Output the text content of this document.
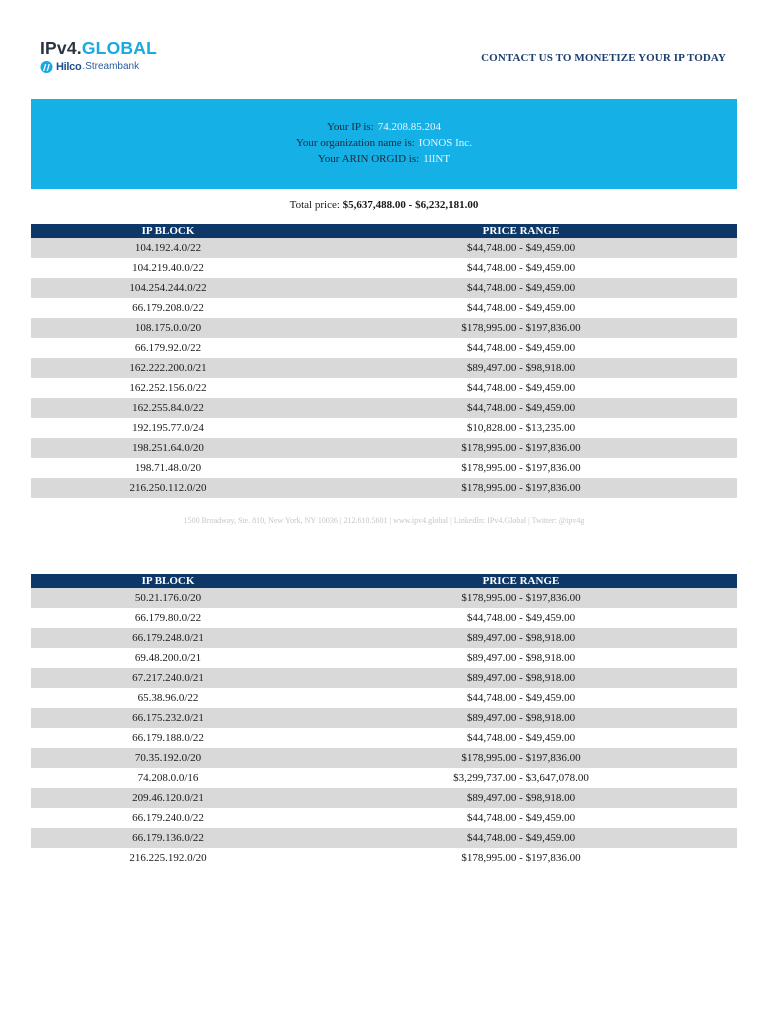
IPv4.GLOBAL
Hilco .Streambank
CONTACT US TO MONETIZE YOUR IP TODAY
Your IP is: 74.208.85.204
Your organization name is: IONOS Inc.
Your ARIN ORGID is: 1lINT
Total price: $5,637,488.00 - $6,232,181.00
IP BLOCK	PRICE RANGE
104.192.4.0/22	$44,748.00 - $49,459.00
104.219.40.0/22	$44,748.00 - $49,459.00
104.254.244.0/22	$44,748.00 - $49,459.00
66.179.208.0/22	$44,748.00 - $49,459.00
108.175.0.0/20	$178,995.00 - $197,836.00
66.179.92.0/22	$44,748.00 - $49,459.00
162.222.200.0/21	$89,497.00 - $98,918.00
162.252.156.0/22	$44,748.00 - $49,459.00
162.255.84.0/22	$44,748.00 - $49,459.00
192.195.77.0/24	$10,828.00 - $13,235.00
198.251.64.0/20	$178,995.00 - $197,836.00
198.71.48.0/20	$178,995.00 - $197,836.00
216.250.112.0/20	$178,995.00 - $197,836.00
1500 Broadway, Ste. 810, New York, NY 10036 | 212.610.5601 | www.ipv4.global | LinkedIn: IPv4.Global | Twitter: @ipv4g
IP BLOCK	PRICE RANGE
50.21.176.0/20	$178,995.00 - $197,836.00
66.179.80.0/22	$44,748.00 - $49,459.00
66.179.248.0/21	$89,497.00 - $98,918.00
69.48.200.0/21	$89,497.00 - $98,918.00
67.217.240.0/21	$89,497.00 - $98,918.00
65.38.96.0/22	$44,748.00 - $49,459.00
66.175.232.0/21	$89,497.00 - $98,918.00
66.179.188.0/22	$44,748.00 - $49,459.00
70.35.192.0/20	$178,995.00 - $197,836.00
74.208.0.0/16	$3,299,737.00 - $3,647,078.00
209.46.120.0/21	$89,497.00 - $98,918.00
66.179.240.0/22	$44,748.00 - $49,459.00
66.179.136.0/22	$44,748.00 - $49,459.00
216.225.192.0/20	$178,995.00 - $197,836.00
